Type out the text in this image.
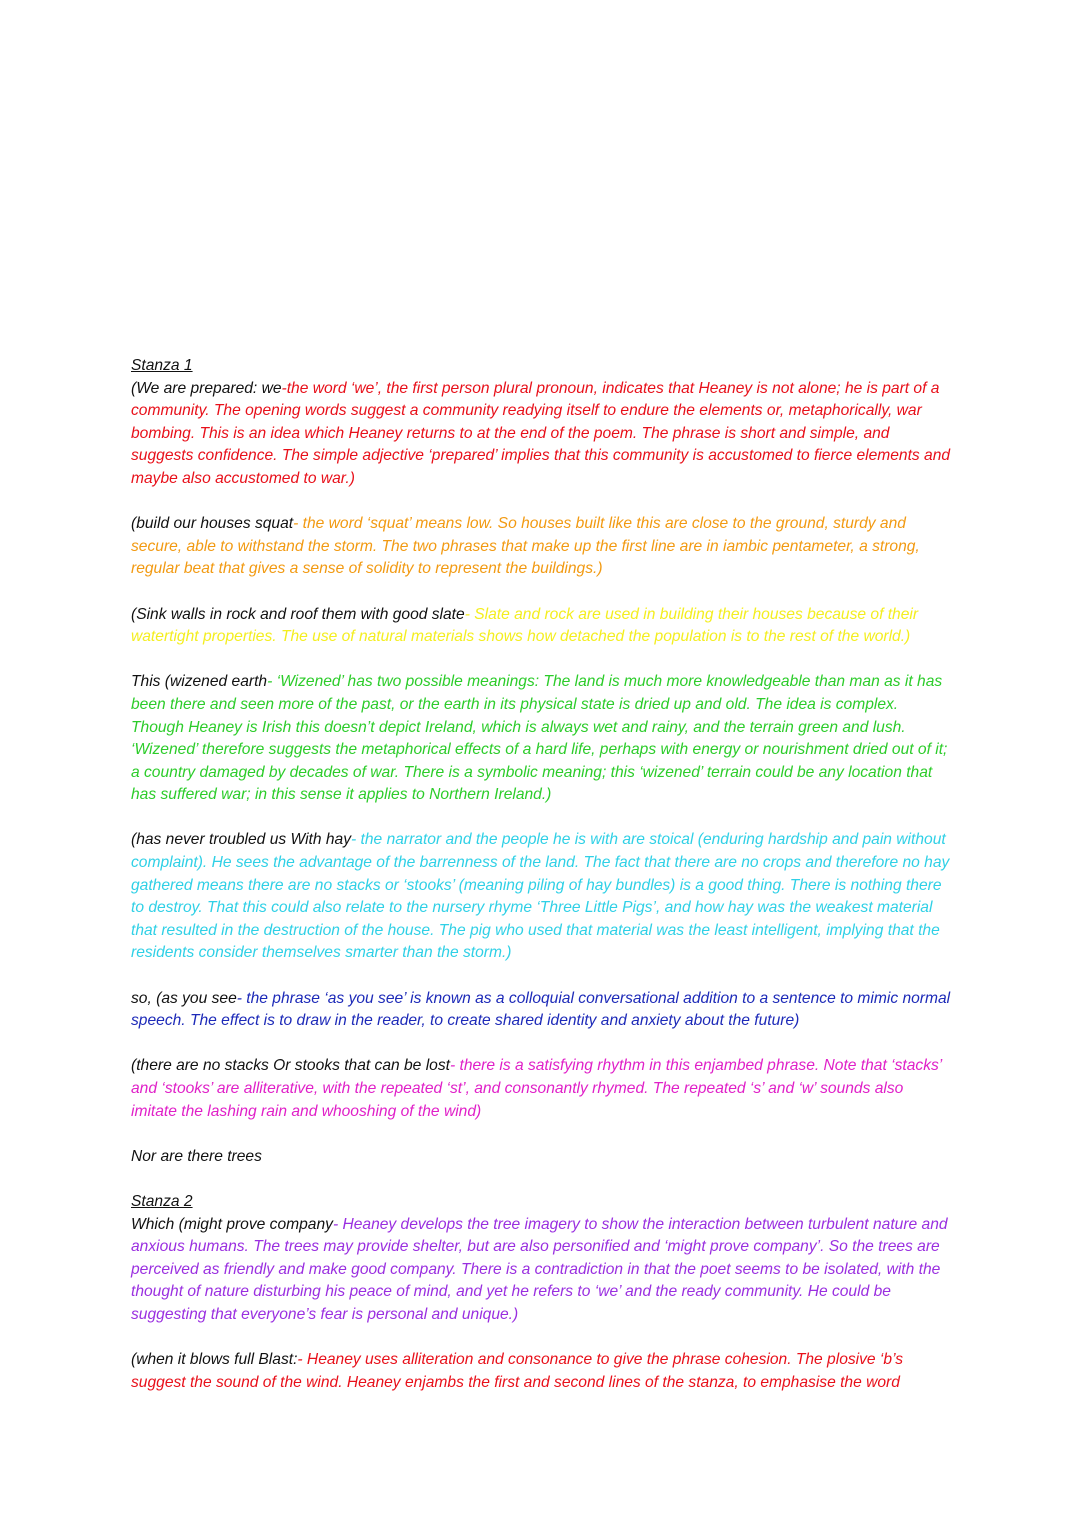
Stanza 1

(We are prepared: we-the word ‘we’, the first person plural pronoun, indicates that Heaney is not alone; he is part of a community. The opening words suggest a community readying itself to endure the elements or, metaphorically, war bombing. This is an idea which Heaney returns to at the end of the poem. The phrase is short and simple, and suggests confidence. The simple adjective ‘prepared’ implies that this community is accustomed to fierce elements and maybe also accustomed to war.)

(build our houses squat- the word ‘squat’ means low. So houses built like this are close to the ground, sturdy and secure, able to withstand the storm. The two phrases that make up the first line are in iambic pentameter, a strong, regular beat that gives a sense of solidity to represent the buildings.)

(Sink walls in rock and roof them with good slate- Slate and rock are used in building their houses because of their watertight properties. The use of natural materials shows how detached the population is to the rest of the world.)

This (wizened earth- ‘Wizened’ has two possible meanings: The land is much more knowledgeable than man as it has been there and seen more of the past, or the earth in its physical state is dried up and old. The idea is complex. Though Heaney is Irish this doesn’t depict Ireland, which is always wet and rainy, and the terrain green and lush. ‘Wizened’ therefore suggests the metaphorical effects of a hard life, perhaps with energy or nourishment dried out of it; a country damaged by decades of war. There is a symbolic meaning; this ‘wizened’ terrain could be any location that has suffered war; in this sense it applies to Northern Ireland.)

(has never troubled us With hay- the narrator and the people he is with are stoical (enduring hardship and pain without complaint). He sees the advantage of the barrenness of the land. The fact that there are no crops and therefore no hay gathered means there are no stacks or ‘stooks’ (meaning piling of hay bundles) is a good thing. There is nothing there to destroy. That this could also relate to the nursery rhyme ‘Three Little Pigs’, and how hay was the weakest material that resulted in the destruction of the house. The pig who used that material was the least intelligent, implying that the residents consider themselves smarter than the storm.)

so, (as you see- the phrase ‘as you see’ is known as a colloquial conversational addition to a sentence to mimic normal speech. The effect is to draw in the reader, to create shared identity and anxiety about the future)

(there are no stacks Or stooks that can be lost- there is a satisfying rhythm in this enjambed phrase. Note that ‘stacks’ and ‘stooks’ are alliterative, with the repeated ‘st’, and consonantly rhymed. The repeated ‘s’ and ‘w’ sounds also imitate the lashing rain and whooshing of the wind)

Nor are there trees

Stanza 2

Which (might prove company- Heaney develops the tree imagery to show the interaction between turbulent nature and anxious humans. The trees may provide shelter, but are also personified and ‘might prove company’. So the trees are perceived as friendly and make good company. There is a contradiction in that the poet seems to be isolated, with the thought of nature disturbing his peace of mind, and yet he refers to ‘we’ and the ready community. He could be suggesting that everyone’s fear is personal and unique.)

(when it blows full Blast:- Heaney uses alliteration and consonance to give the phrase cohesion. The plosive ‘b’s suggest the sound of the wind. Heaney enjambs the first and second lines of the stanza, to emphasise the word
